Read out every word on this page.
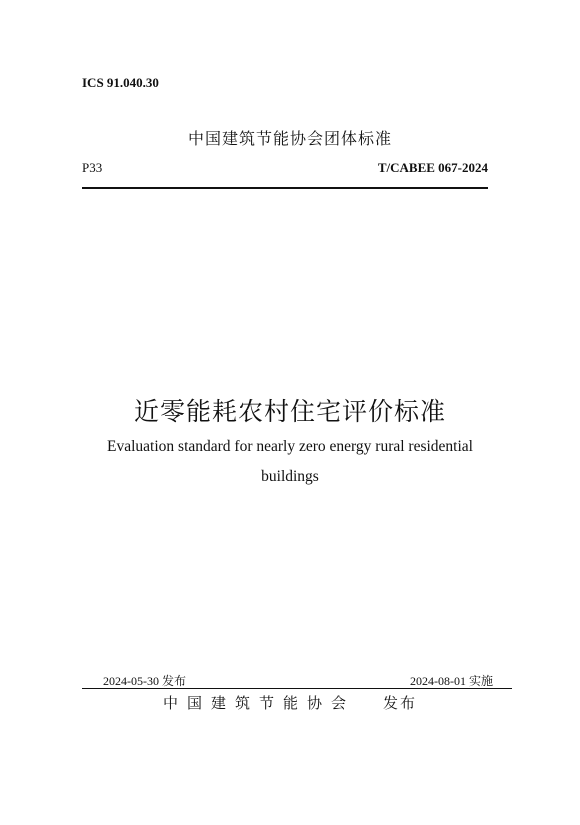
ICS 91.040.30
中国建筑节能协会团体标准
P33	T/CABEE 067-2024
近零能耗农村住宅评价标准
Evaluation standard for nearly zero energy rural residential
buildings
2024-05-30 发布	2024-08-01 实施
中国建筑节能协会 发布
